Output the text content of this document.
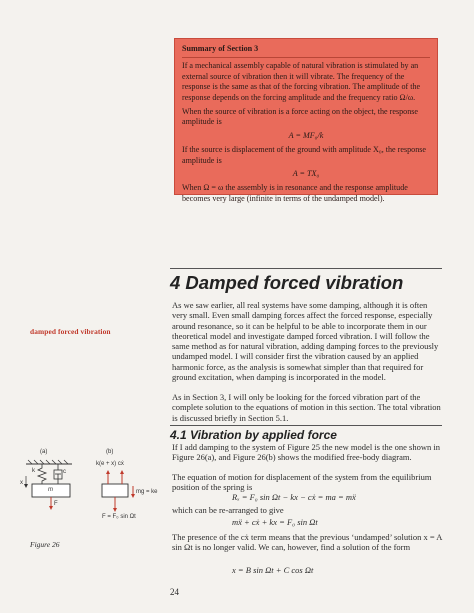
Summary of Section 3

If a mechanical assembly capable of natural vibration is stimulated by an external source of vibration then it will vibrate. The frequency of the response is the same as that of the forcing vibration. The amplitude of the response depends on the forcing amplitude and the frequency ratio Ω/ω.

When the source of vibration is a force acting on the object, the response amplitude is

A = MF₀/k

If the source is displacement of the ground with amplitude X₀, the response amplitude is

A = TX₀

When Ω = ω the assembly is in resonance and the response amplitude becomes very large (infinite in terms of the undamped model).

4 Damped forced vibration
damped forced vibration

As we saw earlier, all real systems have some damping, although it is often very small. Even small damping forces affect the forced response, especially around resonance, so it can be helpful to be able to incorporate them in our theoretical model and investigate damped forced vibration. I will follow the same method as for natural vibration, adding damping forces to the previously undamped model. I will consider first the vibration caused by an applied harmonic force, as the analysis is somewhat simpler than that required for ground excitation, when damping is incorporated in the model.

As in Section 3, I will only be looking for the forced vibration part of the complete solution to the equations of motion in this section. The total vibration is discussed briefly in Section 5.1.

4.1 Vibration by applied force

If I add damping to the system of Figure 25 the new model is the one shown in Figure 26(a), and Figure 26(b) shows the modified free-body diagram.

The equation of motion for displacement of the system from the equilibrium position of the spring is

Rₓ = F₀ sin Ωt − kx − cẋ = ma = mẍ

which can be re-arranged to give

mẍ + cẋ + kx = F₀ sin Ωt

The presence of the cẋ term means that the previous ‘undamped’ solution x = A sin Ωt is no longer valid. We can, however, find a solution of the form

x = B sin Ωt + C cos Ωt
(a)	(b)
k	c
m
x
F
k(e + x) cẋ
mg = ke
F = F₀ sin Ωt
Figure 26
24
